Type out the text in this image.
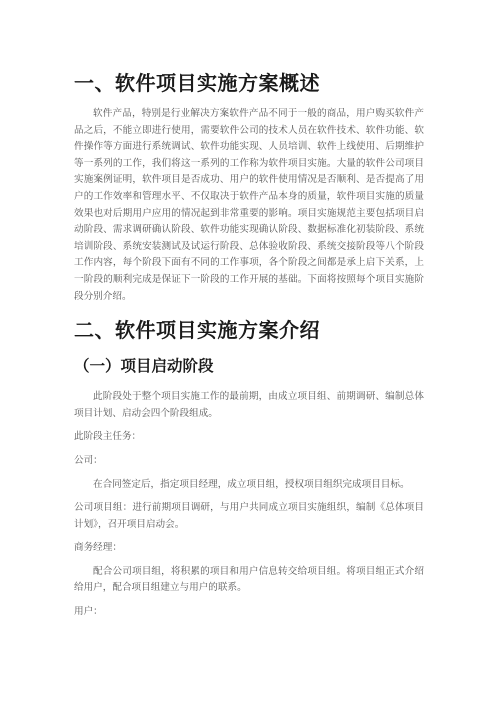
一、软件项目实施方案概述

软件产品，特别是行业解决方案软件产品不同于一般的商品，用户购买软件产品之后，不能立即进行使用，需要软件公司的技术人员在软件技术、软件功能、软件操作等方面进行系统调试、软件功能实现、人员培训、软件上线使用、后期维护等一系列的工作，我们将这一系列的工作称为软件项目实施。大量的软件公司项目实施案例证明，软件项目是否成功、用户的软件使用情况是否顺利、是否提高了用户的工作效率和管理水平、不仅取决于软件产品本身的质量，软件项目实施的质量效果也对后期用户应用的情况起到非常重要的影响。项目实施规范主要包括项目启动阶段、需求调研确认阶段、软件功能实现确认阶段、数据标准化初装阶段、系统培训阶段、系统安装测试及试运行阶段、总体验收阶段、系统交接阶段等八个阶段工作内容，每个阶段下面有不同的工作事项，各个阶段之间都是承上启下关系，上一阶段的顺利完成是保证下一阶段的工作开展的基础。下面将按照每个项目实施阶段分别介绍。

二、软件项目实施方案介绍
（一）项目启动阶段

此阶段处于整个项目实施工作的最前期，由成立项目组、前期调研、编制总体项目计划、启动会四个阶段组成。

此阶段主任务：

公司：

在合同签定后，指定项目经理，成立项目组，授权项目组织完成项目目标。

公司项目组：进行前期项目调研，与用户共同成立项目实施组织，编制《总体项目计划》，召开项目启动会。

商务经理：

配合公司项目组，将积累的项目和用户信息转交给项目组。将项目组正式介绍给用户，配合项目组建立与用户的联系。

用户：
